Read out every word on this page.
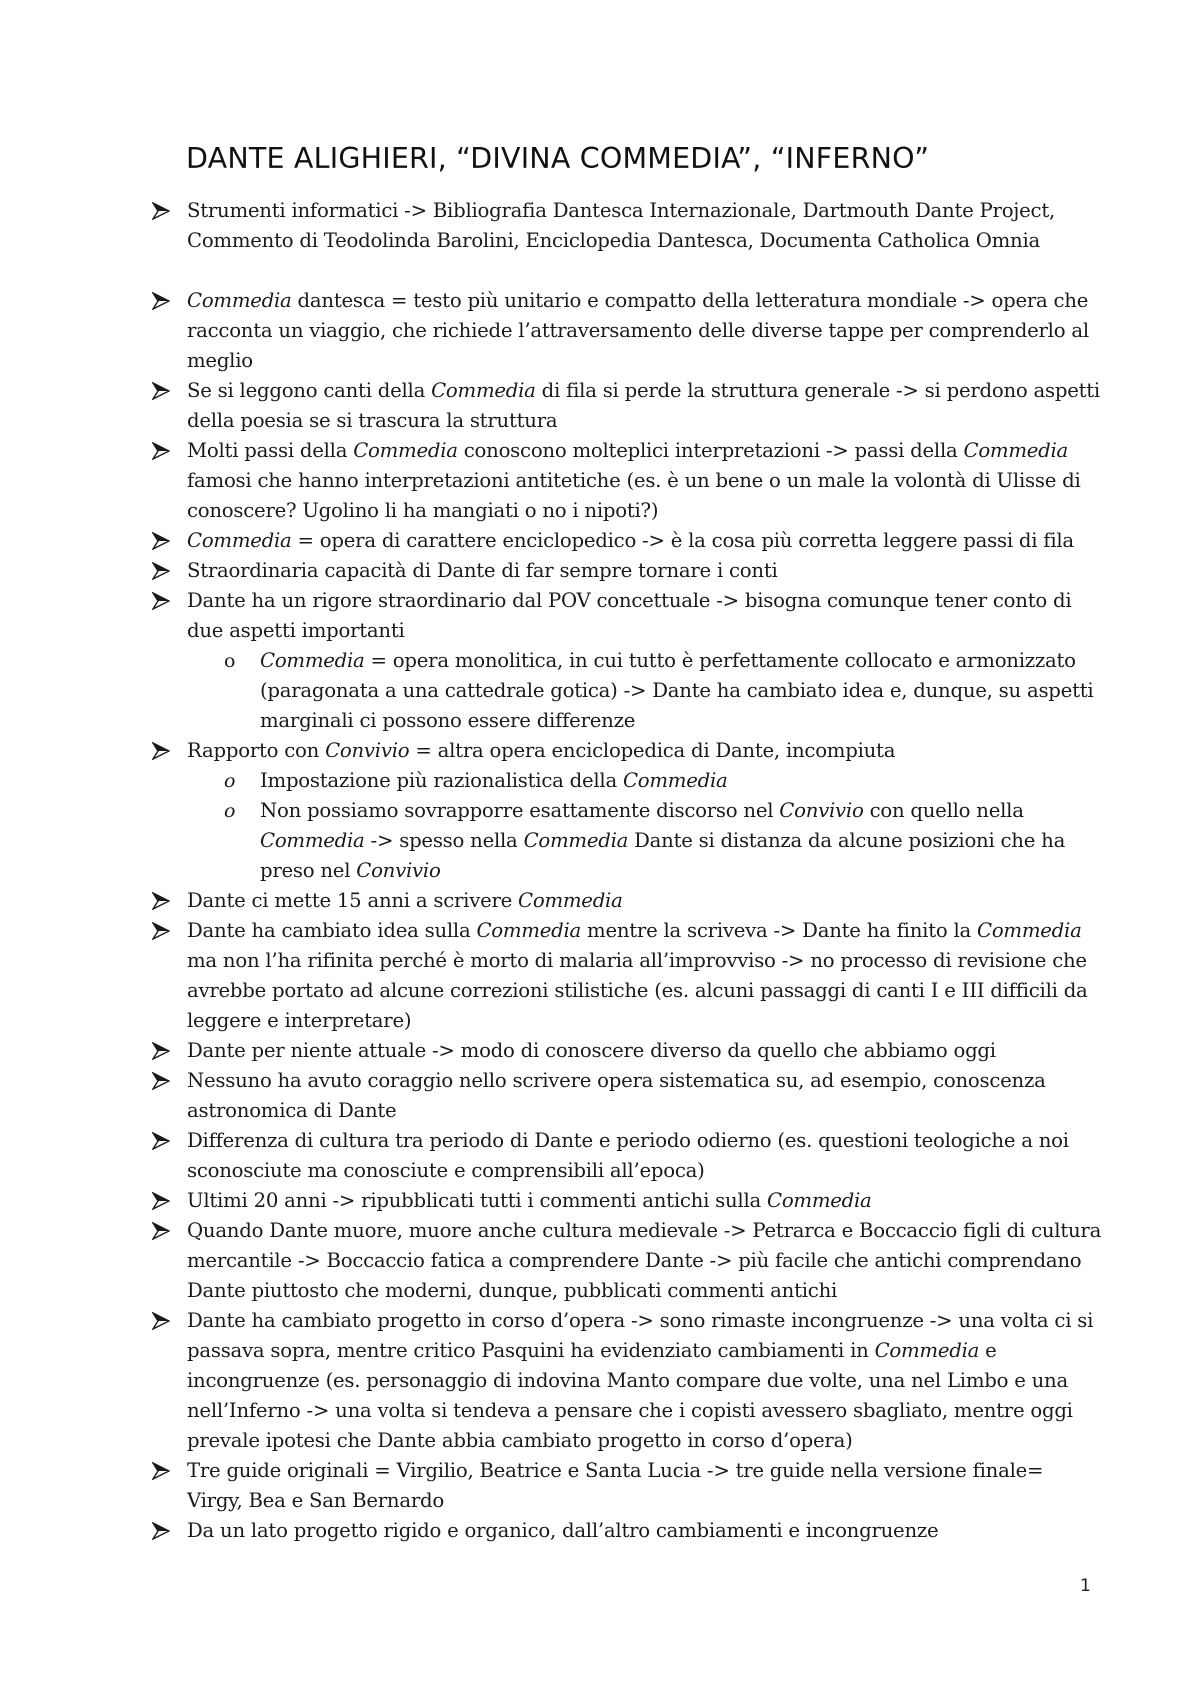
DANTE ALIGHIERI, “DIVINA COMMEDIA”, “INFERNO”
Strumenti informatici -> Bibliografia Dantesca Internazionale, Dartmouth Dante Project, Commento di Teodolinda Barolini, Enciclopedia Dantesca, Documenta Catholica Omnia
Commedia dantesca = testo più unitario e compatto della letteratura mondiale -> opera che racconta un viaggio, che richiede l’attraversamento delle diverse tappe per comprenderlo al meglio
Se si leggono canti della Commedia di fila si perde la struttura generale -> si perdono aspetti della poesia se si trascura la struttura
Molti passi della Commedia conoscono molteplici interpretazioni -> passi della Commedia famosi che hanno interpretazioni antitetiche (es. è un bene o un male la volontà di Ulisse di conoscere? Ugolino li ha mangiati o no i nipoti?)
Commedia = opera di carattere enciclopedico -> è la cosa più corretta leggere passi di fila
Straordinaria capacità di Dante di far sempre tornare i conti
Dante ha un rigore straordinario dal POV concettuale -> bisogna comunque tener conto di due aspetti importanti
o Commedia = opera monolitica, in cui tutto è perfettamente collocato e armonizzato (paragonata a una cattedrale gotica) -> Dante ha cambiato idea e, dunque, su aspetti marginali ci possono essere differenze
Rapporto con Convivio = altra opera enciclopedica di Dante, incompiuta
o Impostazione più razionalistica della Commedia
o Non possiamo sovrapporre esattamente discorso nel Convivio con quello nella Commedia -> spesso nella Commedia Dante si distanza da alcune posizioni che ha preso nel Convivio
Dante ci mette 15 anni a scrivere Commedia
Dante ha cambiato idea sulla Commedia mentre la scriveva -> Dante ha finito la Commedia ma non l’ha rifinita perché è morto di malaria all’improvviso -> no processo di revisione che avrebbe portato ad alcune correzioni stilistiche (es. alcuni passaggi di canti I e III difficili da leggere e interpretare)
Dante per niente attuale -> modo di conoscere diverso da quello che abbiamo oggi
Nessuno ha avuto coraggio nello scrivere opera sistematica su, ad esempio, conoscenza astronomica di Dante
Differenza di cultura tra periodo di Dante e periodo odierno (es. questioni teologiche a noi sconosciute ma conosciute e comprensibili all’epoca)
Ultimi 20 anni -> ripubblicati tutti i commenti antichi sulla Commedia
Quando Dante muore, muore anche cultura medievale -> Petrarca e Boccaccio figli di cultura mercantile -> Boccaccio fatica a comprendere Dante -> più facile che antichi comprendano Dante piuttosto che moderni, dunque, pubblicati commenti antichi
Dante ha cambiato progetto in corso d’opera -> sono rimaste incongruenze -> una volta ci si passava sopra, mentre critico Pasquini ha evidenziato cambiamenti in Commedia e incongruenze (es. personaggio di indovina Manto compare due volte, una nel Limbo e una nell’Inferno -> una volta si tendeva a pensare che i copisti avessero sbagliato, mentre oggi prevale ipotesi che Dante abbia cambiato progetto in corso d’opera)
Tre guide originali = Virgilio, Beatrice e Santa Lucia -> tre guide nella versione finale= Virgy, Bea e San Bernardo
Da un lato progetto rigido e organico, dall’altro cambiamenti e incongruenze
1
